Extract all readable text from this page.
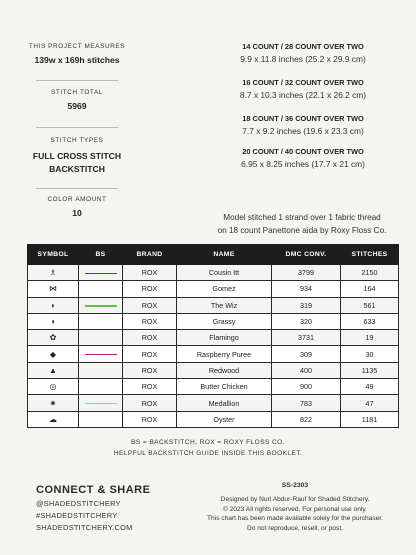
THIS PROJECT MEASURES
139w x 169h stitches
STITCH TOTAL
5969
STITCH TYPES
FULL CROSS STITCH
BACKSTITCH
COLOR AMOUNT
10
14 COUNT / 28 COUNT OVER TWO
9.9 x 11.8 inches (25.2 x 29.9 cm)
16 COUNT / 32 COUNT OVER TWO
8.7 x 10.3 inches (22.1 x 26.2 cm)
18 COUNT / 36 COUNT OVER TWO
7.7 x 9.2 inches (19.6 x 23.3 cm)
20 COUNT / 40 COUNT OVER TWO
6.95 x 8.25 inches (17.7 x 21 cm)
Model stitched 1 strand over 1 fabric thread
on 18 count Panettone aida by Roxy Floss Co.
SYMBOL	BS	BRAND	NAME	DMC CONV.	STITCHES
♗		ROX	Cousin Itt	3799	2150
⋈		ROX	Gomez	934	164
◗		ROX	The Wiz	319	561
◖		ROX	Grassy	320	633
✿		ROX	Flamingo	3731	19
◆		ROX	Raspberry Puree	309	30
▲		ROX	Redwood	400	1135
◎		ROX	Butter Chicken	900	49
✷		ROX	Medallion	783	47
☁		ROX	Oyster	822	1181
BS = BACKSTITCH, ROX = ROXY FLOSS CO.
HELPFUL BACKSTITCH GUIDE INSIDE THIS BOOKLET.
CONNECT & SHARE
@SHADEDSTITCHERY
#SHADEDSTITCHERY
SHADEDSTITCHERY.COM
SS-2303
Designed by Nuri Abdur-Rauf for Shaded Stitchery.
© 2023 All rights reserved. For personal use only.
This chart has been made available solely for the purchaser.
Do not reproduce, resell, or post.
